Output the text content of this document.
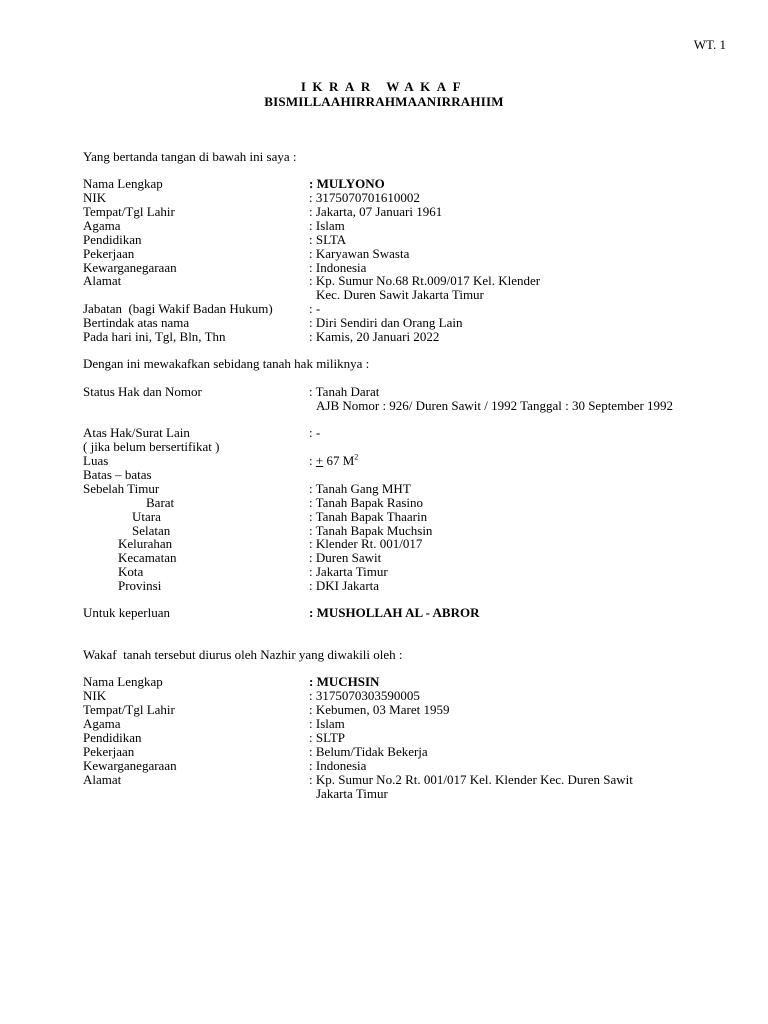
WT. 1
IKRAR WAKAF
BISMILLAAHIRRAHMAANIRRAHIIM
Yang bertanda tangan di bawah ini saya :
Nama Lengkap	: MULYONO
NIK	: 3175070701610002
Tempat/Tgl Lahir	: Jakarta, 07 Januari 1961
Agama	: Islam
Pendidikan	: SLTA
Pekerjaan	: Karyawan Swasta
Kewarganegaraan	: Indonesia
Alamat	: Kp. Sumur No.68 Rt.009/017 Kel. Klender
Kec. Duren Sawit Jakarta Timur
Jabatan  (bagi Wakif Badan Hukum)	: -
Bertindak atas nama	: Diri Sendiri dan Orang Lain
Pada hari ini, Tgl, Bln, Thn	: Kamis, 20 Januari 2022
Dengan ini mewakafkan sebidang tanah hak miliknya :
Status Hak dan Nomor	: Tanah Darat
AJB Nomor : 926/ Duren Sawit / 1992 Tanggal : 30 September 1992
Atas Hak/Surat Lain	: -
( jika belum bersertifikat )
Luas	: + 67 $M^2$
Batas – batas
Sebelah Timur	: Tanah Gang MHT
Barat	: Tanah Bapak Rasino
Utara	: Tanah Bapak Thaarin
Selatan	: Tanah Bapak Muchsin
Kelurahan	: Klender Rt. 001/017
Kecamatan	: Duren Sawit
Kota	: Jakarta Timur
Provinsi	: DKI Jakarta
Untuk keperluan	: MUSHOLLAH AL - ABROR
Wakaf  tanah tersebut diurus oleh Nazhir yang diwakili oleh :
Nama Lengkap	: MUCHSIN
NIK	: 3175070303590005
Tempat/Tgl Lahir	: Kebumen, 03 Maret 1959
Agama	: Islam
Pendidikan	: SLTP
Pekerjaan	: Belum/Tidak Bekerja
Kewarganegaraan	: Indonesia
Alamat	: Kp. Sumur No.2 Rt. 001/017 Kel. Klender Kec. Duren Sawit
Jakarta Timur
